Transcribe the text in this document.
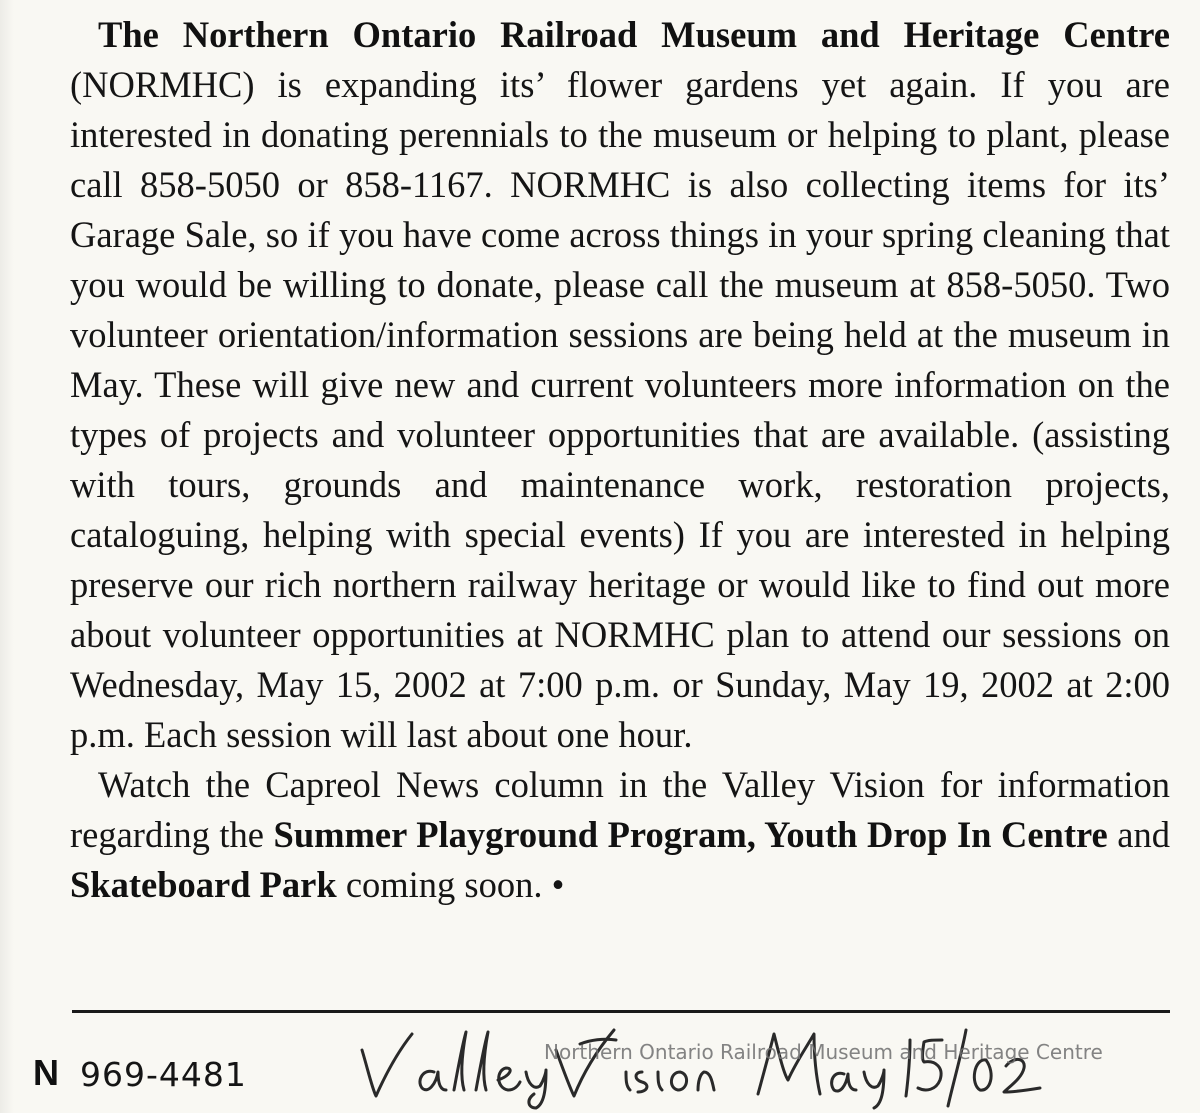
The Northern Ontario Railroad Museum and Heritage Centre (NORMHC) is expanding its’ flower gardens yet again. If you are interested in donating perennials to the museum or helping to plant, please call 858-5050 or 858-1167. NORMHC is also collecting items for its’ Garage Sale, so if you have come across things in your spring cleaning that you would be willing to donate, please call the museum at 858-5050. Two volunteer orientation/information sessions are being held at the museum in May. These will give new and current volunteers more information on the types of projects and volunteer opportunities that are available. (assisting with tours, grounds and maintenance work, restoration projects, cataloguing, helping with special events) If you are interested in helping preserve our rich northern railway heritage or would like to find out more about volunteer opportunities at NORMHC plan to attend our sessions on Wednesday, May 15, 2002 at 7:00 p.m. or Sunday, May 19, 2002 at 2:00 p.m. Each session will last about one hour.

Watch the Capreol News column in the Valley Vision for information regarding the Summer Playground Program, Youth Drop In Centre and Skateboard Park coming soon. •

N 969-4481
Northern Ontario Railroad Museum and Heritage Centre
